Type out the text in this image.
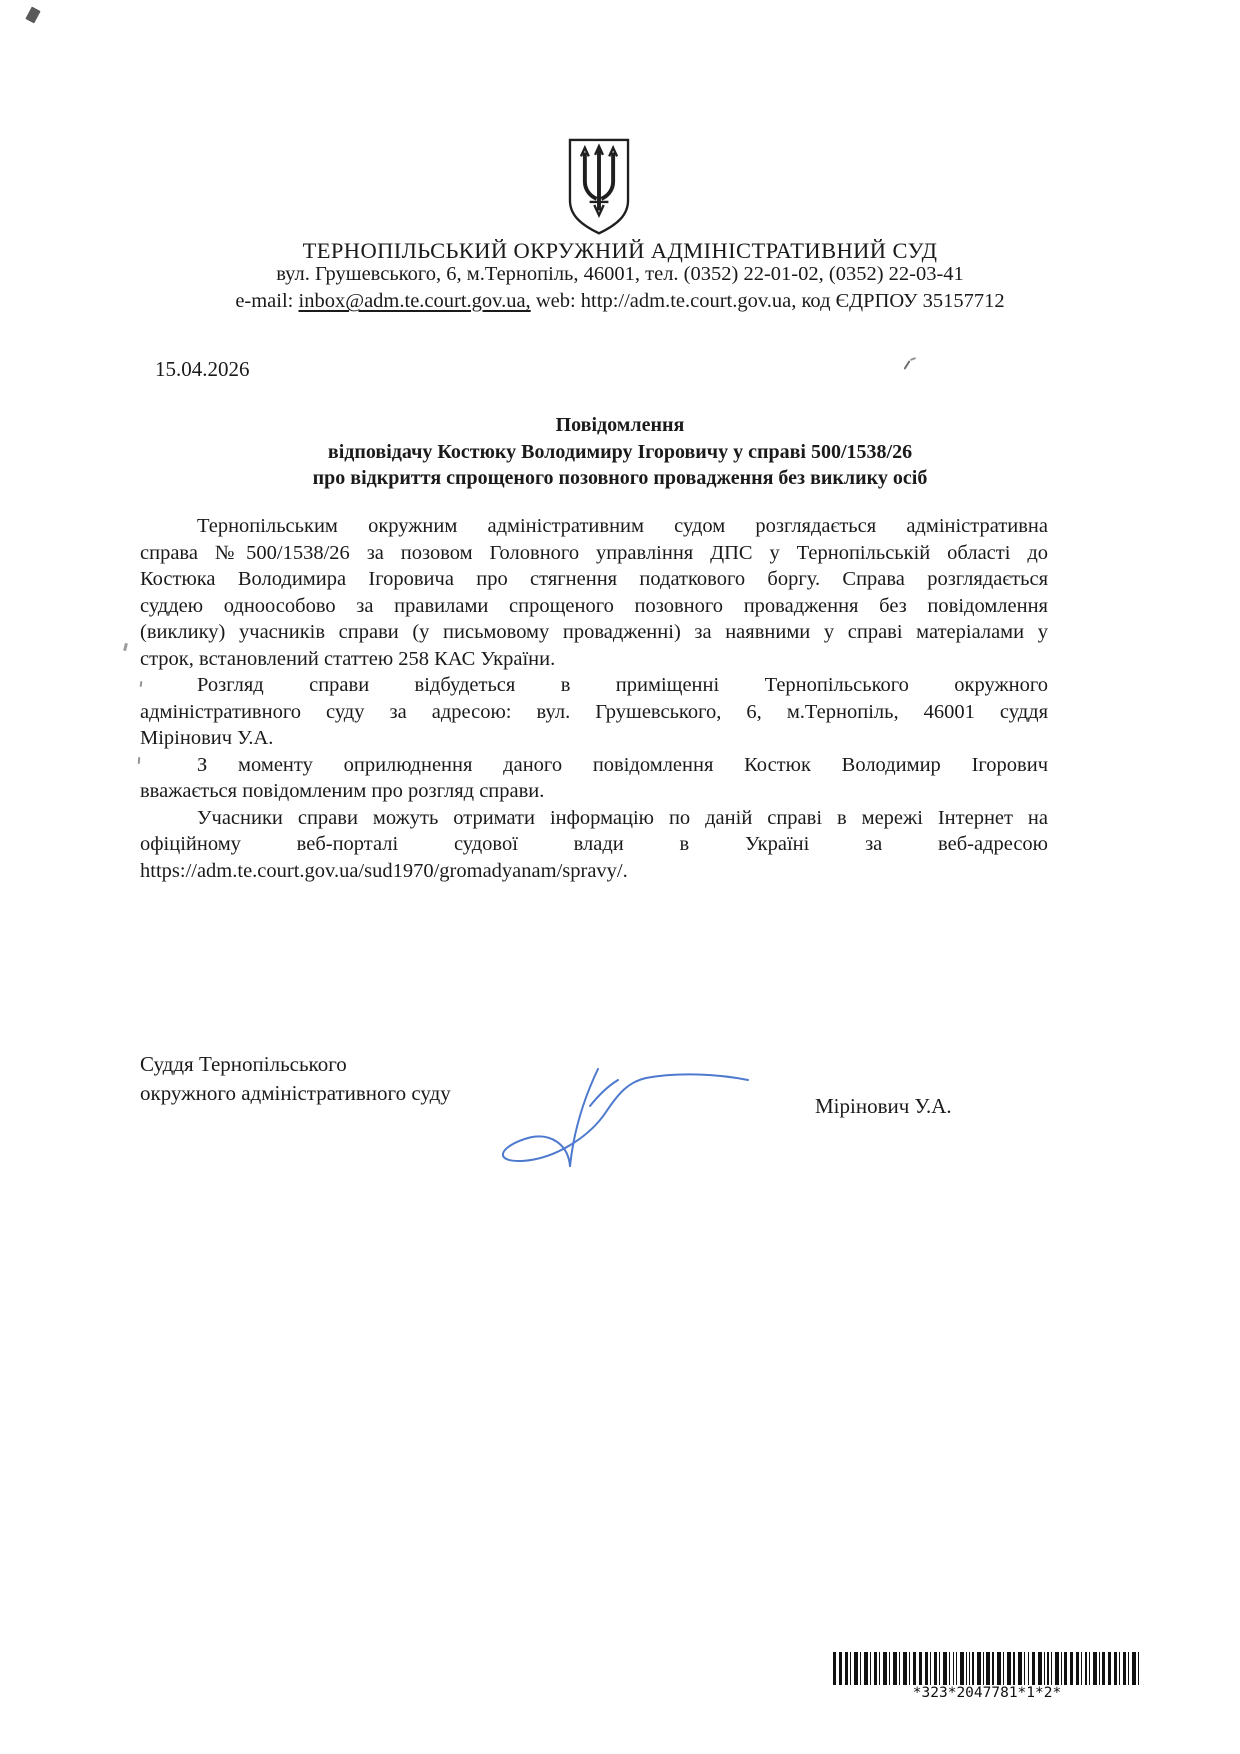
ТЕРНОПІЛЬСЬКИЙ ОКРУЖНИЙ АДМІНІСТРАТИВНИЙ СУД
вул. Грушевського, 6, м.Тернопіль, 46001, тел. (0352) 22-01-02, (0352) 22-03-41
e-mail: inbox@adm.te.court.gov.ua, web: http://adm.te.court.gov.ua, код ЄДРПОУ 35157712
15.04.2026
Повідомлення
відповідачу Костюку Володимиру Ігоровичу у справі 500/1538/26
про відкриття спрощеного позовного провадження без виклику осіб
Тернопільським окружним адміністративним судом розглядається адміністративна
справа №500/1538/26 за позовом Головного управління ДПС у Тернопільській області до
Костюка Володимира Ігоровича про стягнення податкового боргу. Справа розглядається
суддею одноособово за правилами спрощеного позовного провадження без повідомлення
(виклику) учасників справи (у письмовому провадженні) за наявними у справі матеріалами у
строк, встановлений статтею 258 КАС України.
Розгляд справи відбудеться в приміщенні Тернопільського окружного
адміністративного суду за адресою: вул. Грушевського, 6, м.Тернопіль, 46001 суддя
Мірінович У.А.
З моменту оприлюднення даного повідомлення Костюк Володимир Ігорович
вважається повідомленим про розгляд справи.
Учасники справи можуть отримати інформацію по даній справі в мережі Інтернет на
офіційному веб-порталі судової влади в Україні за веб-адресою
https://adm.te.court.gov.ua/sud1970/gromadyanam/spravy/.
Суддя Тернопільського
окружного адміністративного суду
Мірінович У.А.
*323*2047781*1*2*
